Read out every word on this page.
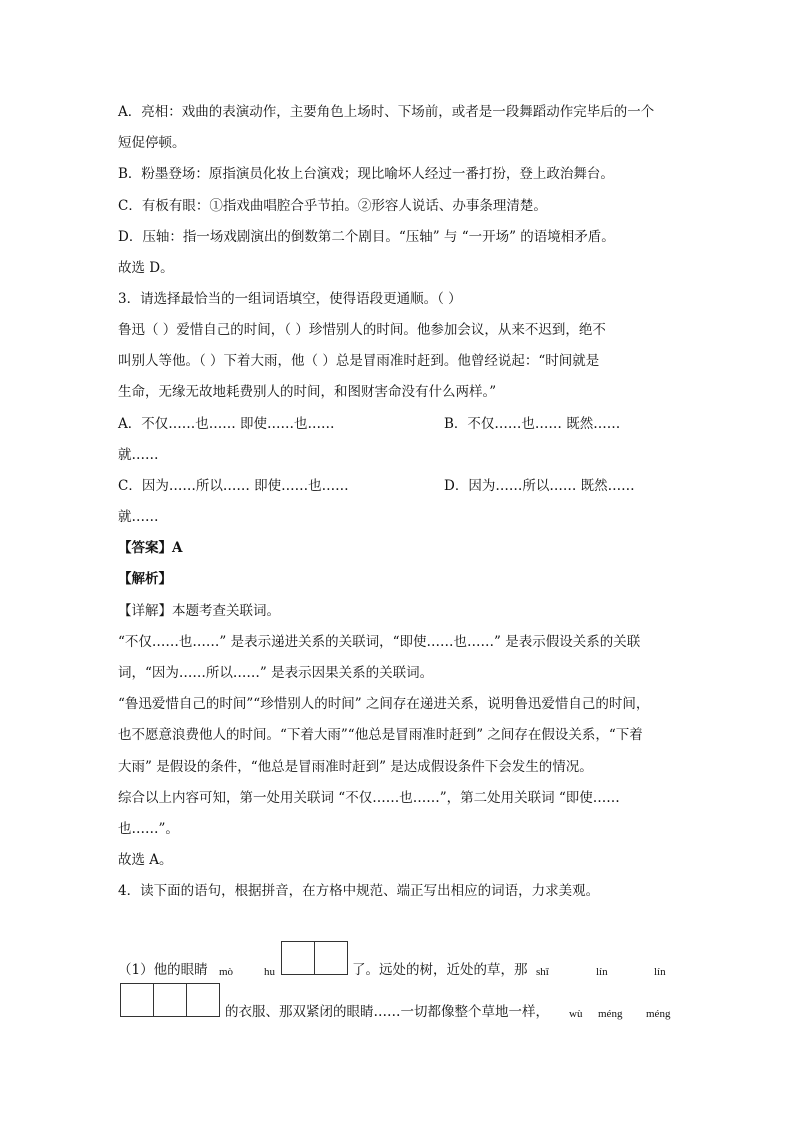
A．亮相：戏曲的表演动作，主要角色上场时、下场前，或者是一段舞蹈动作完毕后的一个
短促停顿。
B．粉墨登场：原指演员化妆上台演戏；现比喻坏人经过一番打扮，登上政治舞台。
C．有板有眼：①指戏曲唱腔合乎节拍。②形容人说话、办事条理清楚。
D．压轴：指一场戏剧演出的倒数第二个剧目。“压轴” 与 “一开场” 的语境相矛盾。
故选 D。
3．请选择最恰当的一组词语填空，使得语段更通顺。（ ）
鲁迅（ ）爱惜自己的时间，（ ）珍惜别人的时间。他参加会议，从来不迟到，绝不
叫别人等他。（ ）下着大雨，他（ ）总是冒雨准时赶到。他曾经说起：“时间就是
生命，无缘无故地耗费别人的时间，和图财害命没有什么两样。”
A．不仅……也…… 即使……也……	B．不仅……也…… 既然……
就……
C．因为……所以…… 即使……也……	D．因为……所以…… 既然……
就……
【答案】A
【解析】
【详解】本题考查关联词。
“不仅……也……” 是表示递进关系的关联词，“即使……也……” 是表示假设关系的关联
词，“因为……所以……” 是表示因果关系的关联词。
“鲁迅爱惜自己的时间”“珍惜别人的时间” 之间存在递进关系，说明鲁迅爱惜自己的时间，
也不愿意浪费他人的时间。“下着大雨”“他总是冒雨准时赶到” 之间存在假设关系，“下着
大雨” 是假设的条件，“他总是冒雨准时赶到” 是达成假设条件下会发生的情况。
综合以上内容可知，第一处用关联词 “不仅……也……”，第二处用关联词 “即使……
也……”。
故选 A。
4．读下面的语句，根据拼音，在方格中规范、端正写出相应的词语，力求美观。
（1）他的眼睛 mò	hu	了。远处的树，近处的草，那 shī	lín	lín
的衣服、那双紧闭的眼睛……一切都像整个草地一样， wù méng méng
